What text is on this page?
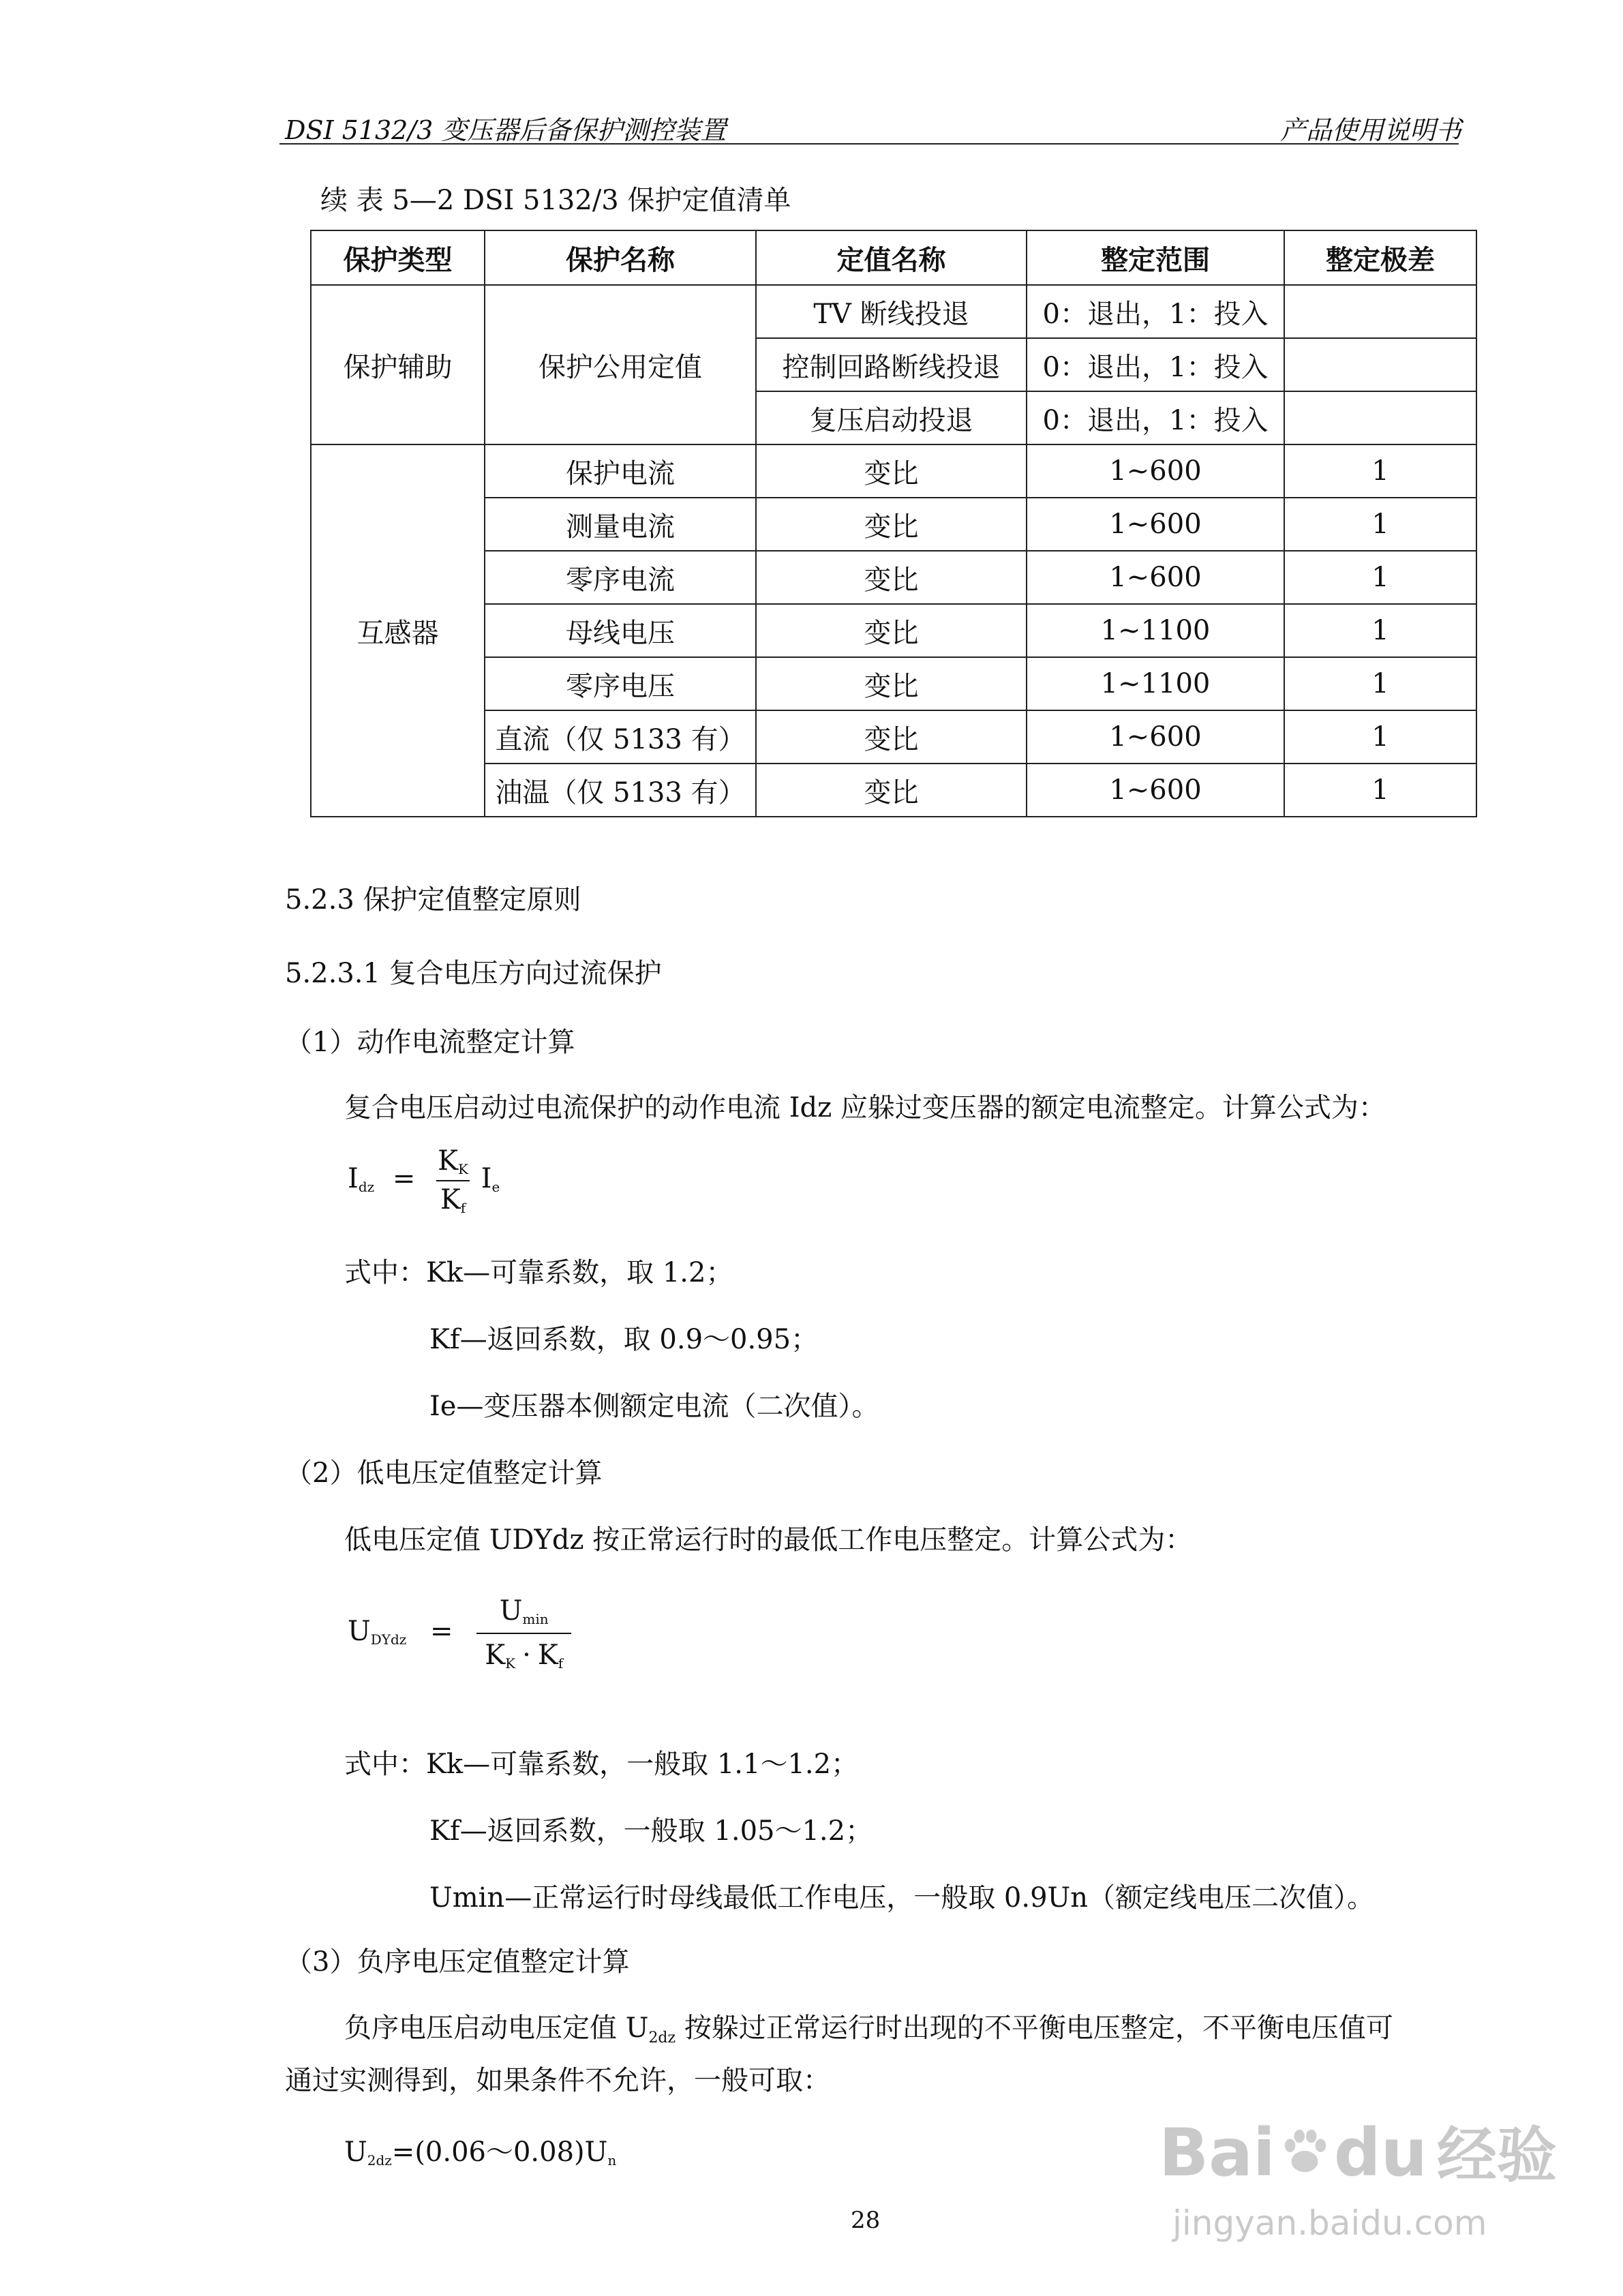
DSI 5132/3 变压器后备保护测控装置	产品使用说明书
续 表 5—2 DSI 5132/3 保护定值清单
保护类型	保护名称	定值名称	整定范围	整定极差
保护辅助	保护公用定值	TV 断线投退	0：退出，1：投入	
		控制回路断线投退	0：退出，1：投入	
		复压启动投退	0：退出，1：投入	
互感器	保护电流	变比	1~600	1
	测量电流	变比	1~600	1
	零序电流	变比	1~600	1
	母线电压	变比	1~1100	1
	零序电压	变比	1~1100	1
	直流（仅 5133 有）	变比	1~600	1
	油温（仅 5133 有）	变比	1~600	1
5.2.3 保护定值整定原则
5.2.3.1 复合电压方向过流保护
（1）动作电流整定计算
复合电压启动过电流保护的动作电流 Idz 应躲过变压器的额定电流整定。计算公式为：
$I_{dz} = \frac{K_K}{K_f} I_e$
式中：Kk—可靠系数，取 1.2；
Kf—返回系数，取 0.9～0.95；
Ie—变压器本侧额定电流（二次值）。
（2）低电压定值整定计算
低电压定值 UDYdz 按正常运行时的最低工作电压整定。计算公式为：
$U_{DYdz} = \frac{U_{min}}{K_K \cdot K_f}$
式中：Kk—可靠系数，一般取 1.1～1.2；
Kf—返回系数，一般取 1.05～1.2；
Umin—正常运行时母线最低工作电压，一般取 0.9Un（额定线电压二次值）。
（3）负序电压定值整定计算
负序电压启动电压定值 $U_{2dz}$ 按躲过正常运行时出现的不平衡电压整定，不平衡电压值可
通过实测得到，如果条件不允许，一般可取：
$U_{2dz}=(0.06\sim 0.08)U_n$
28
Bai du 经验
jingyan.baidu.com
